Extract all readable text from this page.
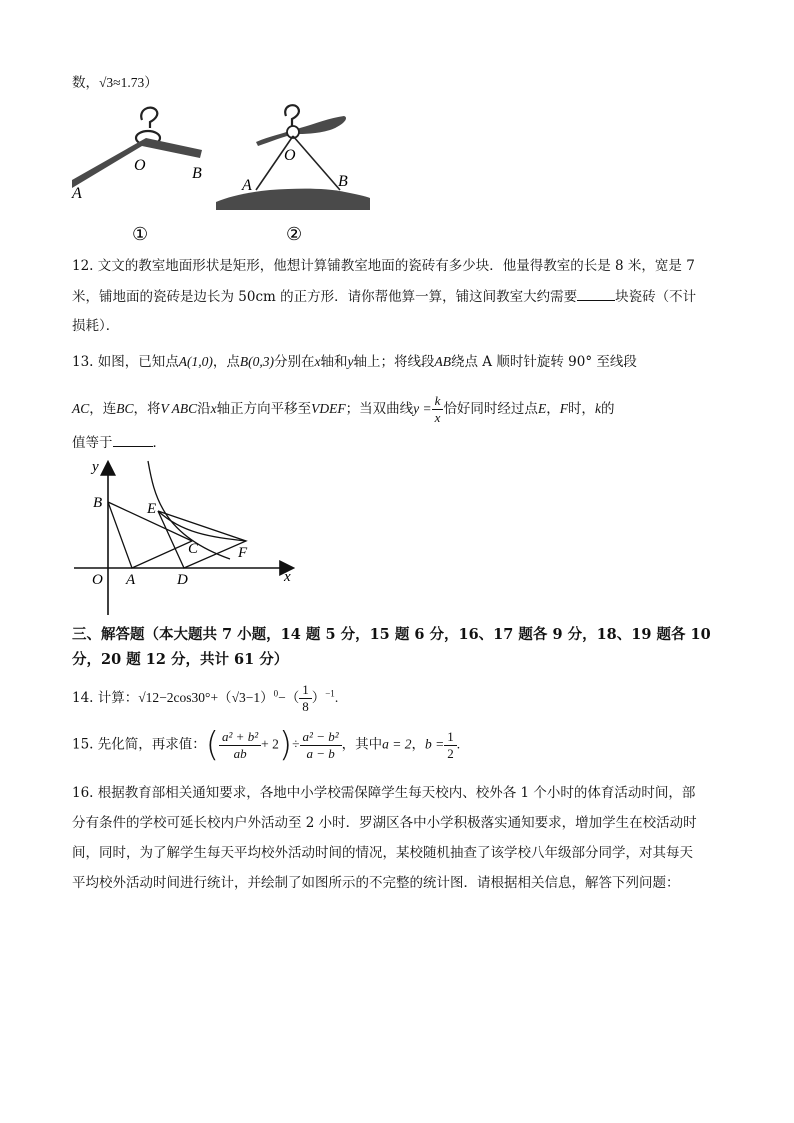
数，√3≈1.73）
A
O	B
①
O
A	B
②
12. 文文的教室地面形状是矩形，他想计算铺教室地面的瓷砖有多少块．他量得教室的长是 8 米，宽是 7
米，铺地面的瓷砖是边长为 50cm 的正方形．请你帮他算一算，铺这间教室大约需要	块瓷砖（不计
损耗）．
13. 如图，已知点A(1,0)，点B(0,3)分别在x轴和y轴上；将线段AB绕点 A 顺时针旋转 90° 至线段
AC，连BC，将V ABC沿x轴正方向平移至VDEF；当双曲线$y = \frac{k}{x}$ 恰好同时经过点E，F时，k的
值等于	．
y
x
B	E
C	F
O A	D
三、解答题（本大题共 7 小题，14 题 5 分，15 题 6 分，16、17 题各 9 分，18、19 题各 10
分，20 题 12 分，共计 61 分）
14. 计算：$√12-2\cos 30^\circ+(√3-1)^0-( \frac{1}{8} )^{-1}$.
15. 先化简，再求值：( $\frac{\text{a² + b²}}{ab} + 2)\div \frac{\text{a² − b²}}{a - b}$ ，其中a = 2，$b = \frac{1}{2}$ .
16. 根据教育部相关通知要求，各地中小学校需保障学生每天校内、校外各 1 个小时的体育活动时间，部
分有条件的学校可延长校内户外活动至 2 小时．罗湖区各中小学积极落实通知要求，增加学生在校活动时
间，同时，为了解学生每天平均校外活动时间的情况，某校随机抽查了该学校八年级部分同学，对其每天
平均校外活动时间进行统计，并绘制了如图所示的不完整的统计图．请根据相关信息，解答下列问题：
